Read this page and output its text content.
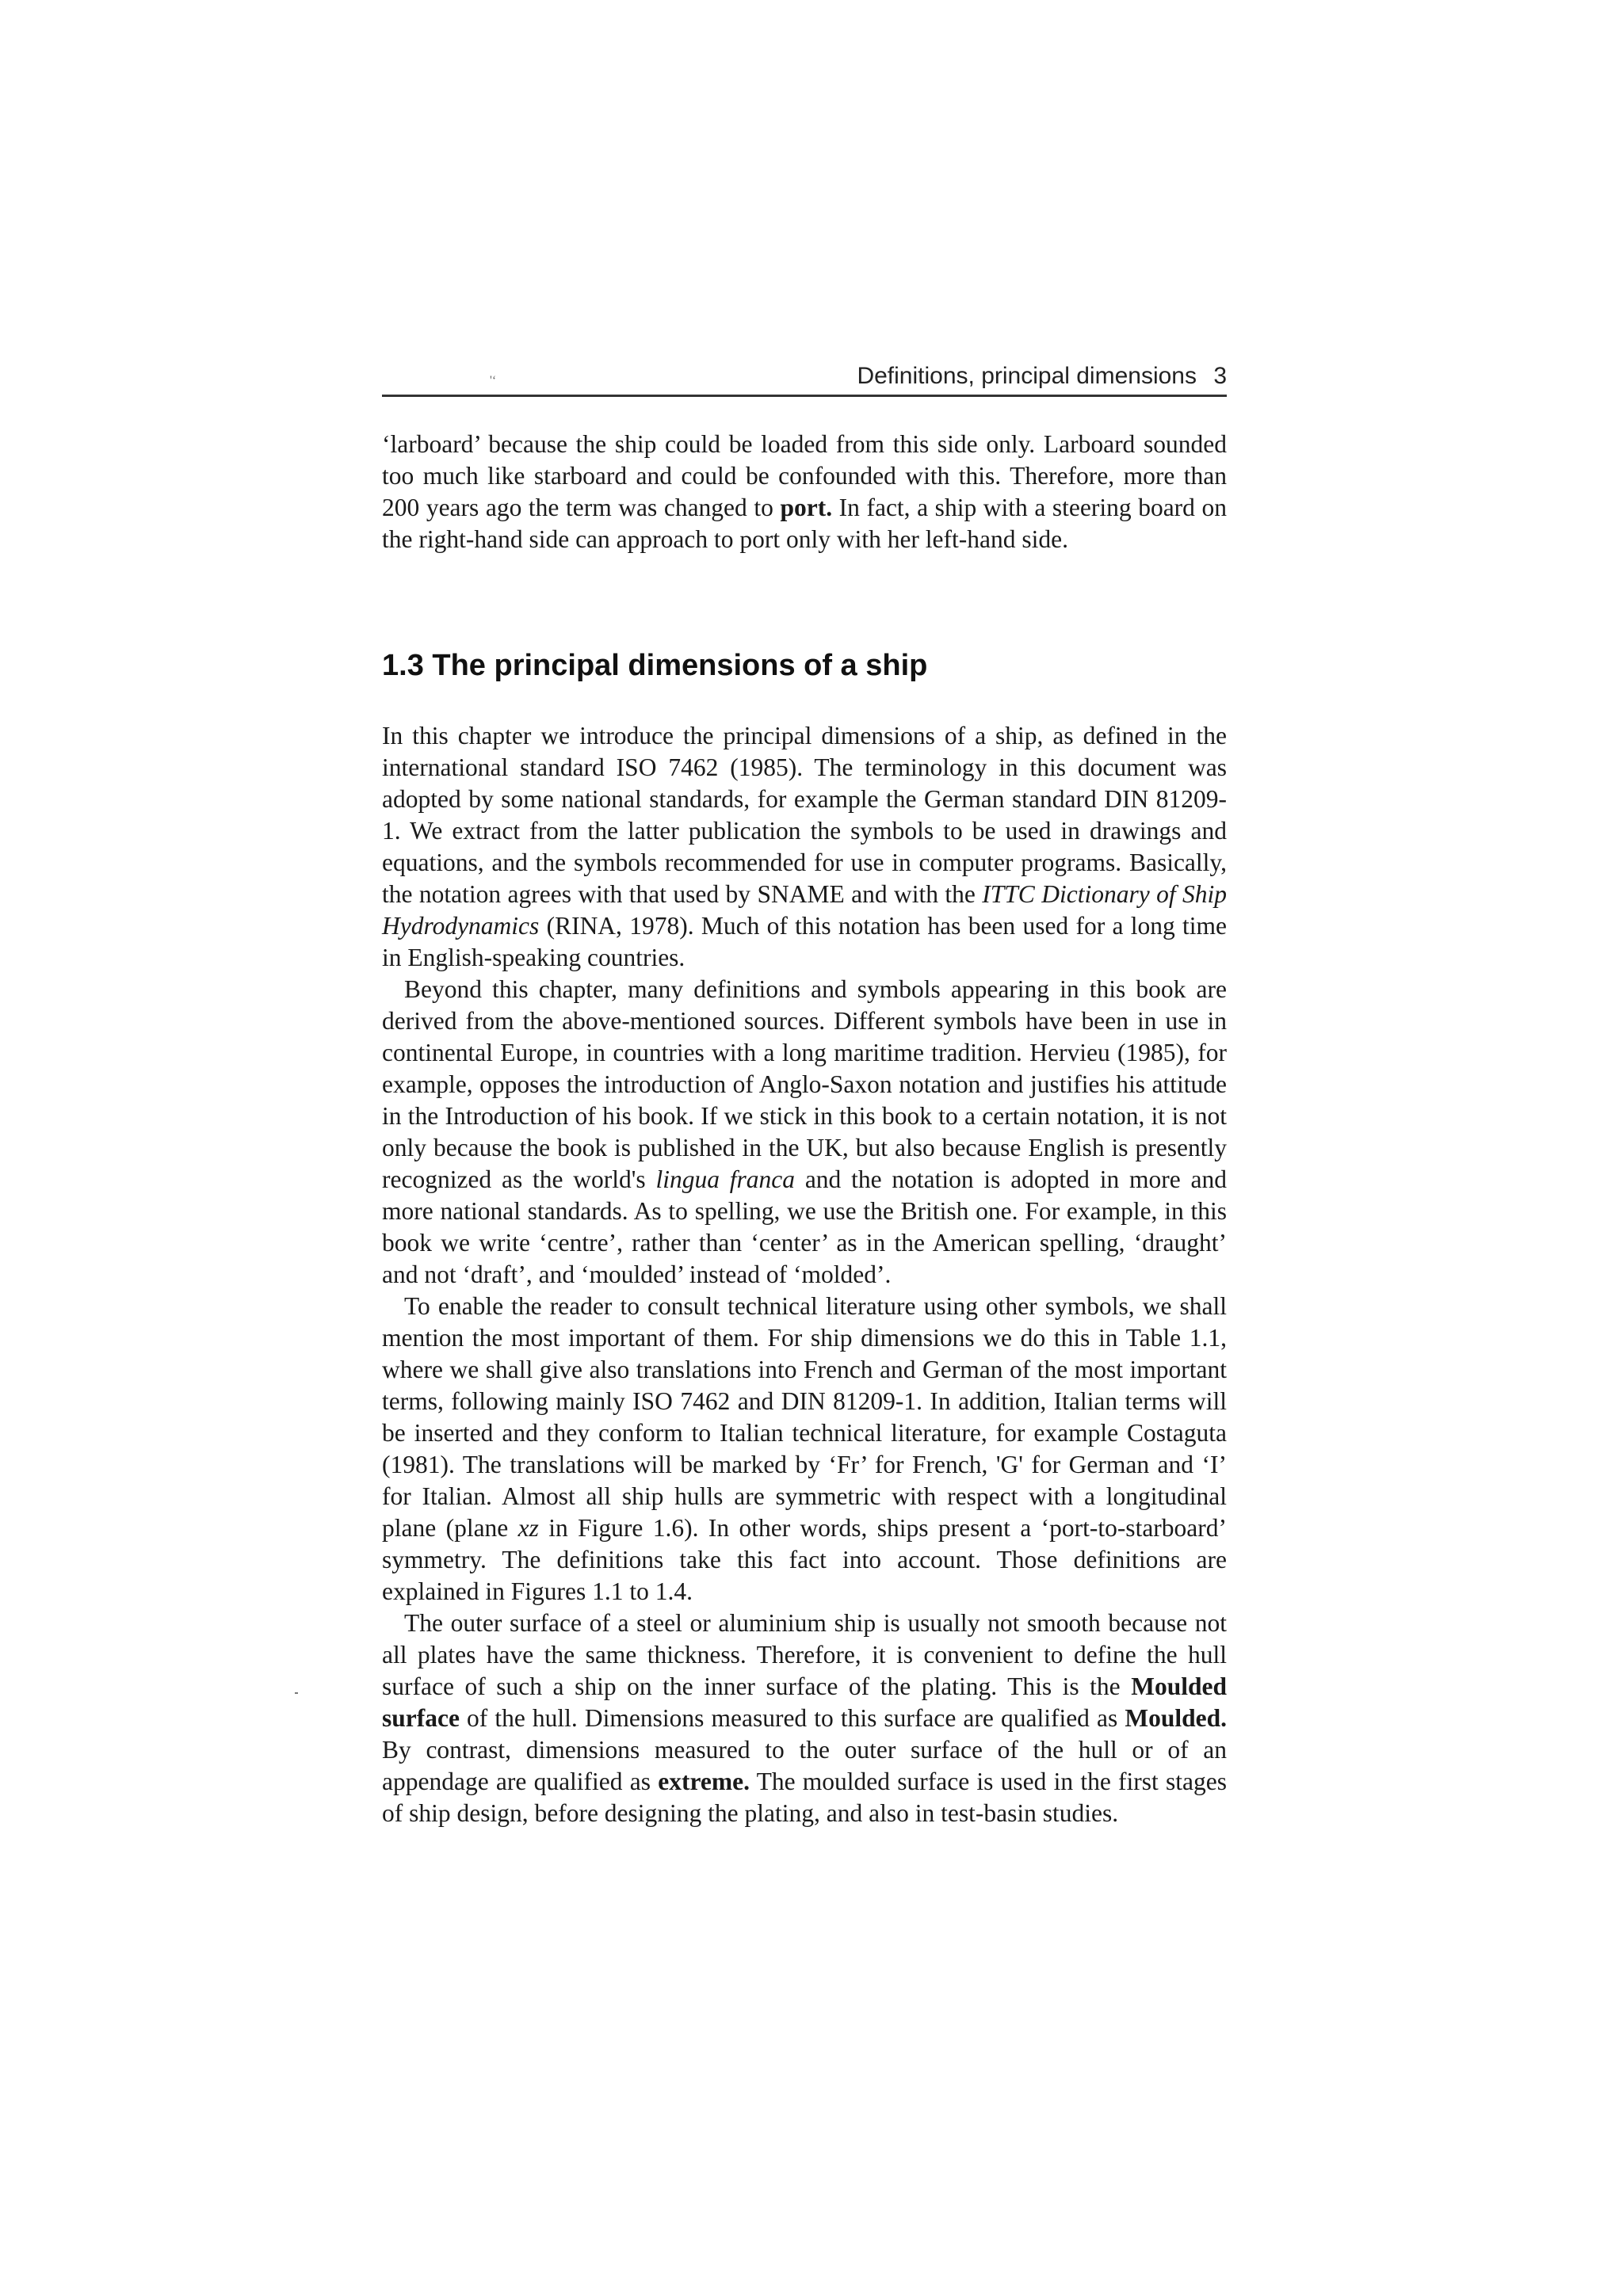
'‘	Definitions, principal dimensions 3

‘larboard’ because the ship could be loaded from this side only. Larboard sounded too much like starboard and could be confounded with this. Therefore, more than 200 years ago the term was changed to port. In fact, a ship with a steering board on the right-hand side can approach to port only with her left-hand side.

1.3 The principal dimensions of a ship

In this chapter we introduce the principal dimensions of a ship, as defined in the international standard ISO 7462 (1985). The terminology in this document was adopted by some national standards, for example the German standard DIN 81209-1. We extract from the latter publication the symbols to be used in drawings and equations, and the symbols recommended for use in computer programs. Basically, the notation agrees with that used by SNAME and with the ITTC Dictionary of Ship Hydrodynamics (RINA, 1978). Much of this notation has been used for a long time in English-speaking countries.

Beyond this chapter, many definitions and symbols appearing in this book are derived from the above-mentioned sources. Different symbols have been in use in continental Europe, in countries with a long maritime tradition. Hervieu (1985), for example, opposes the introduction of Anglo-Saxon notation and justifies his attitude in the Introduction of his book. If we stick in this book to a certain notation, it is not only because the book is published in the UK, but also because English is presently recognized as the world's lingua franca and the notation is adopted in more and more national standards. As to spelling, we use the British one. For example, in this book we write ‘centre’, rather than ‘center’ as in the American spelling, ‘draught’ and not ‘draft’, and ‘moulded’ instead of ‘molded’.

To enable the reader to consult technical literature using other symbols, we shall mention the most important of them. For ship dimensions we do this in Table 1.1, where we shall give also translations into French and German of the most important terms, following mainly ISO 7462 and DIN 81209-1. In addition, Italian terms will be inserted and they conform to Italian technical literature, for example Costaguta (1981). The translations will be marked by ‘Fr’ for French, 'G' for German and ‘I’ for Italian. Almost all ship hulls are symmetric with respect with a longitudinal plane (plane xz in Figure 1.6). In other words, ships present a ‘port-to-starboard’ symmetry. The definitions take this fact into account. Those definitions are explained in Figures 1.1 to 1.4.

The outer surface of a steel or aluminium ship is usually not smooth because not all plates have the same thickness. Therefore, it is convenient to define the hull surface of such a ship on the inner surface of the plating. This is the Moulded surface of the hull. Dimensions measured to this surface are qualified as Moulded. By contrast, dimensions measured to the outer surface of the hull or of an appendage are qualified as extreme. The moulded surface is used in the first stages of ship design, before designing the plating, and also in test-basin studies.
